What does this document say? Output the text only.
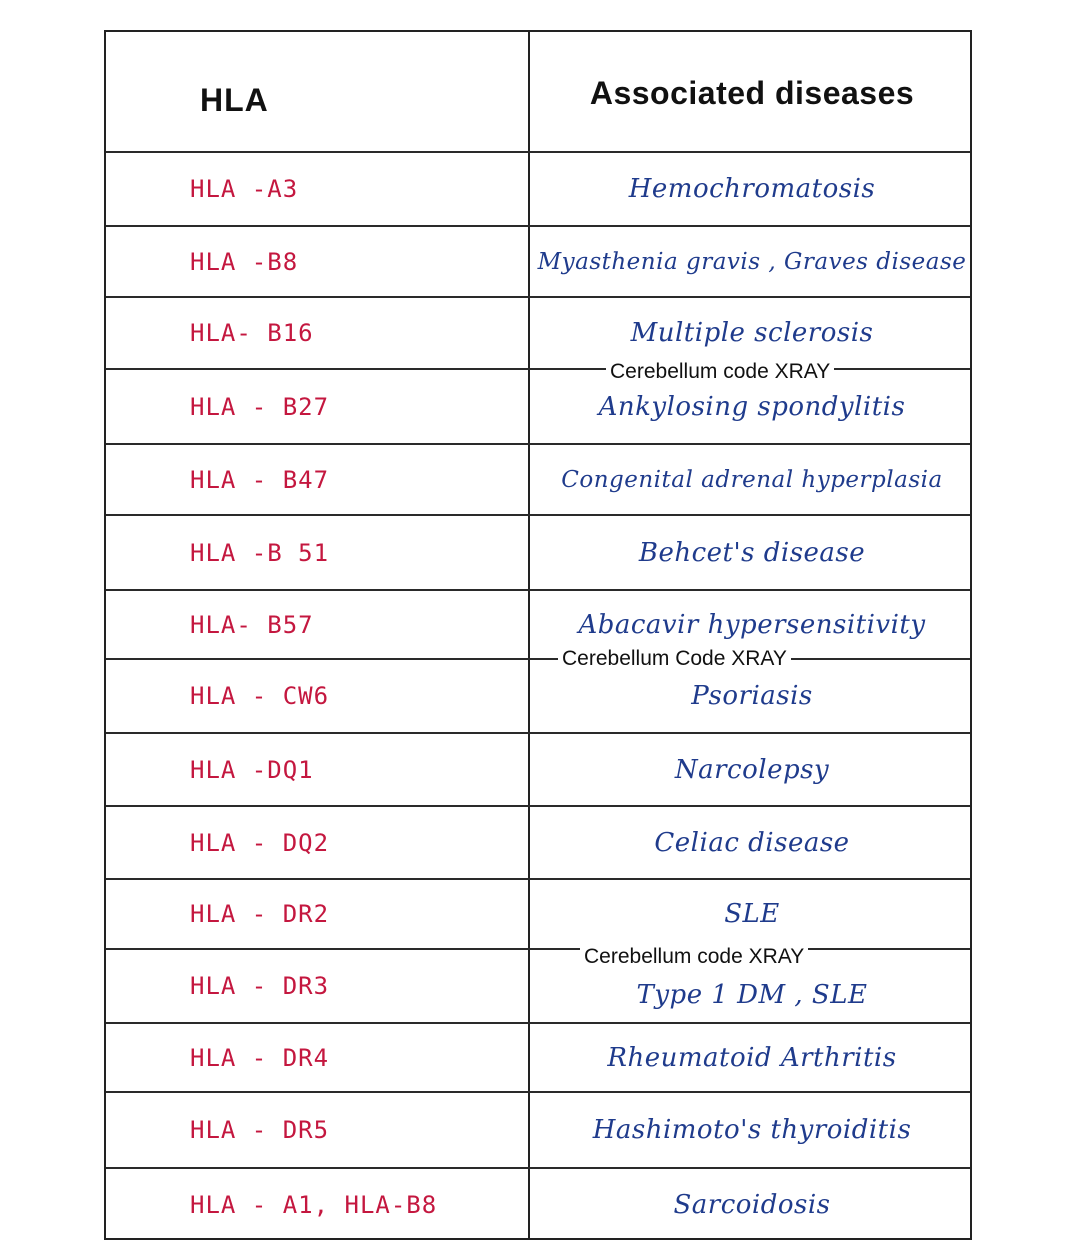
HLA	Associated diseases
HLA -A3	Hemochromatosis
HLA -B8	Myasthenia gravis , Graves disease
HLA- B16	Multiple sclerosis
HLA - B27	Ankylosing spondylitis
HLA - B47	Congenital adrenal hyperplasia
HLA -B 51	Behcet's disease
HLA- B57	Abacavir hypersensitivity
HLA - CW6	Psoriasis
HLA -DQ1	Narcolepsy
HLA - DQ2	Celiac disease
HLA - DR2	SLE
HLA - DR3	Type 1 DM , SLE
HLA - DR4	Rheumatoid Arthritis
HLA - DR5	Hashimoto's thyroiditis
HLA - A1, HLA-B8	Sarcoidosis
Cerebellum code XRAY
Cerebellum Code XRAY
Cerebellum code XRAY
